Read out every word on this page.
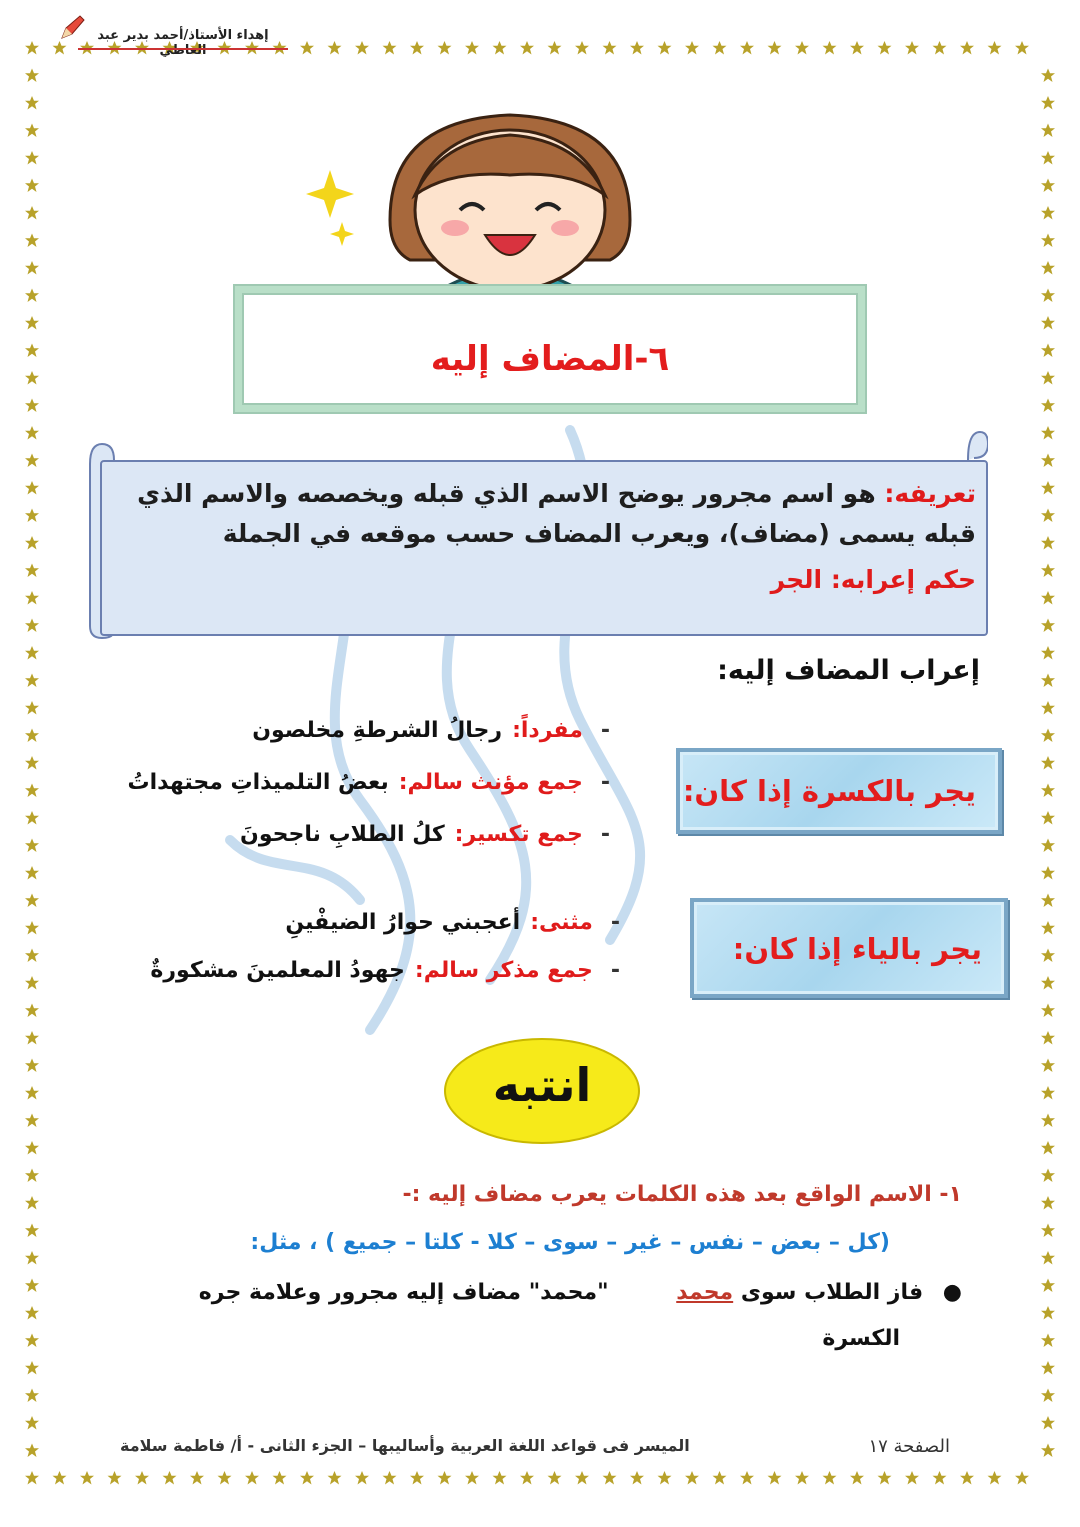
إهداء الأستاذ/أحمد بدير عبد العاطي
٦-المضاف إليه
تعريفه: هو اسم مجرور يوضح الاسم الذي قبله ويخصصه والاسم الذي
قبله يسمى (مضاف)، ويعرب المضاف حسب موقعه في الجملة
حكم إعرابه: الجر
إعراب المضاف إليه:
يجر بالكسرة إذا كان:
-مفرداً:رجالُ الشرطةِ مخلصون
-جمع مؤنث سالم:بعضُ التلميذاتِ مجتهداتُ
-جمع تكسير:كلُ الطلابِ ناجحونَ
يجر بالياء إذا كان:
-مثنى:أعجبني حوارُ الضيفْينِ
-جمع مذكر سالم:جهودُ المعلمينَ مشكورةٌ
انتبه
١- الاسم الواقع بعد هذه الكلمات يعرب مضاف إليه :-
(كل – بعض – نفس – غير – سوى – كلا - كلتا – جميع ) ، مثل:
● فاز الطلاب سوى محمد "محمد" مضاف إليه مجرور وعلامة جره
الكسرة
الصفحة ١٧
الميسر فى قواعد اللغة العربية وأساليبها – الجزء الثانى - أ/ فاطمة سلامة
